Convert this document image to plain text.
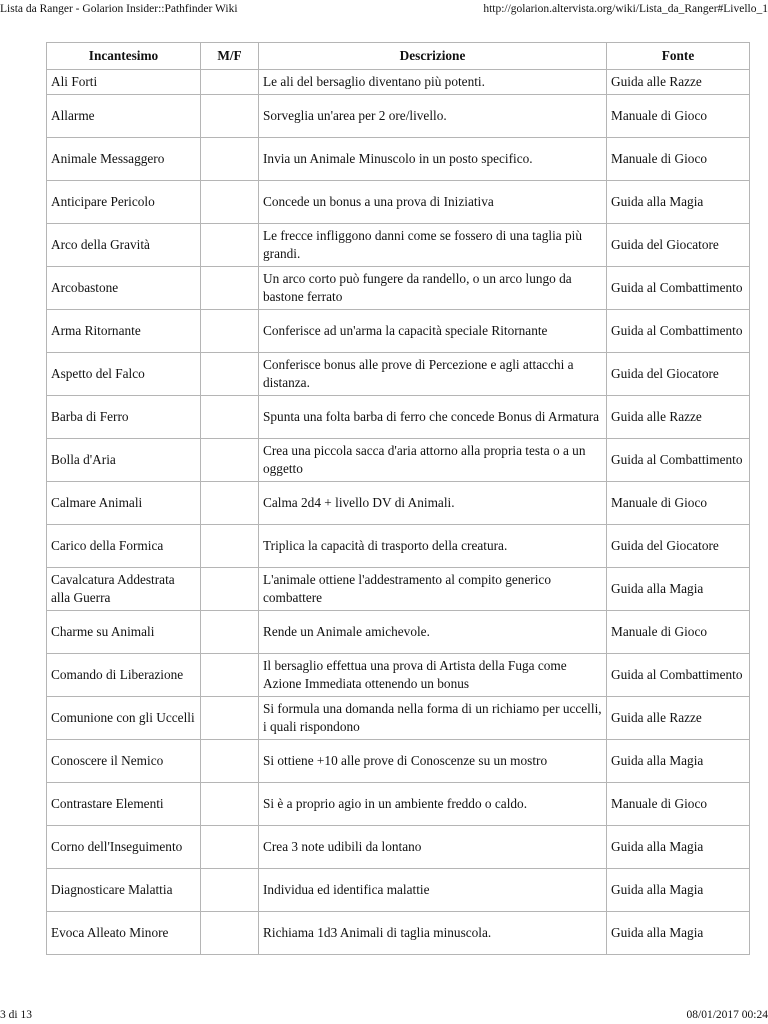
Lista da Ranger - Golarion Insider::Pathfinder Wiki	http://golarion.altervista.org/wiki/Lista_da_Ranger#Livello_1
Incantesimo	M/F	Descrizione	Fonte
Ali Forti		Le ali del bersaglio diventano più potenti.	Guida alle Razze
Allarme		Sorveglia un'area per 2 ore/livello.	Manuale di Gioco
Animale Messaggero		Invia un Animale Minuscolo in un posto specifico.	Manuale di Gioco
Anticipare Pericolo		Concede un bonus a una prova di Iniziativa	Guida alla Magia
Arco della Gravità		Le frecce infliggono danni come se fossero di una taglia più grandi.	Guida del Giocatore
Arcobastone		Un arco corto può fungere da randello, o un arco lungo da bastone ferrato	Guida al Combattimento
Arma Ritornante		Conferisce ad un'arma la capacità speciale Ritornante	Guida al Combattimento
Aspetto del Falco		Conferisce bonus alle prove di Percezione e agli attacchi a distanza.	Guida del Giocatore
Barba di Ferro		Spunta una folta barba di ferro che concede Bonus di Armatura	Guida alle Razze
Bolla d'Aria		Crea una piccola sacca d'aria attorno alla propria testa o a un oggetto	Guida al Combattimento
Calmare Animali		Calma 2d4 + livello DV di Animali.	Manuale di Gioco
Carico della Formica		Triplica la capacità di trasporto della creatura.	Guida del Giocatore
Cavalcatura Addestrata alla Guerra		L'animale ottiene l'addestramento al compito generico combattere	Guida alla Magia
Charme su Animali		Rende un Animale amichevole.	Manuale di Gioco
Comando di Liberazione		Il bersaglio effettua una prova di Artista della Fuga come Azione Immediata ottenendo un bonus	Guida al Combattimento
Comunione con gli Uccelli		Si formula una domanda nella forma di un richiamo per uccelli, i quali rispondono	Guida alle Razze
Conoscere il Nemico		Si ottiene +10 alle prove di Conoscenze su un mostro	Guida alla Magia
Contrastare Elementi		Si è a proprio agio in un ambiente freddo o caldo.	Manuale di Gioco
Corno dell'Inseguimento		Crea 3 note udibili da lontano	Guida alla Magia
Diagnosticare Malattia		Individua ed identifica malattie	Guida alla Magia
Evoca Alleato Minore		Richiama 1d3 Animali di taglia minuscola.	Guida alla Magia
3 di 13	08/01/2017 00:24
